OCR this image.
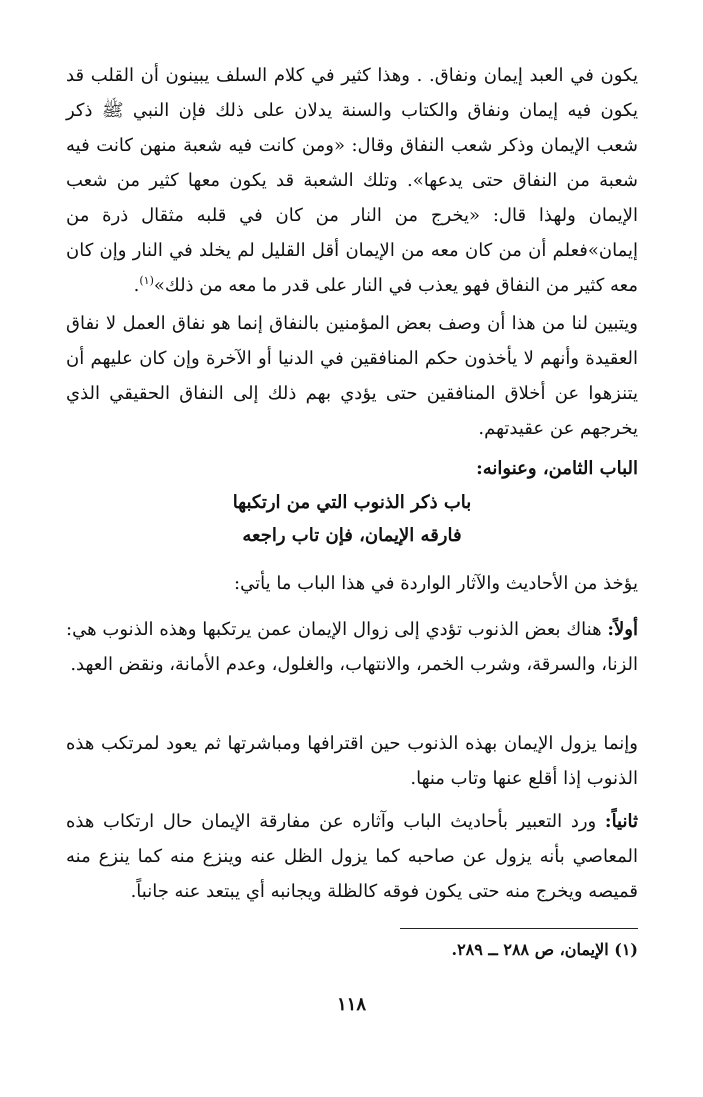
يكون في العبد إيمان ونفاق. . وهذا كثير في كلام السلف يبينون أن القلب قد يكون فيه إيمان ونفاق والكتاب والسنة يدلان على ذلك فإن النبي ﷺ ذكر شعب الإيمان وذكر شعب النفاق وقال: «ومن كانت فيه شعبة منهن كانت فيه شعبة من النفاق حتى يدعها». وتلك الشعبة قد يكون معها كثير من شعب الإيمان ولهذا قال: «يخرج من النار من كان في قلبه مثقال ذرة من إيمان»فعلم أن من كان معه من الإيمان أقل القليل لم يخلد في النار وإن كان معه كثير من النفاق فهو يعذب في النار على قدر ما معه من ذلك»$^{(١)}$.
ويتبين لنا من هذا أن وصف بعض المؤمنين بالنفاق إنما هو نفاق العمل لا نفاق العقيدة وأنهم لا يأخذون حكم المنافقين في الدنيا أو الآخرة وإن كان عليهم أن يتنزهوا عن أخلاق المنافقين حتى يؤدي بهم ذلك إلى النفاق الحقيقي الذي يخرجهم عن عقيدتهم.
الباب الثامن، وعنوانه:
باب ذكر الذنوب التي من ارتكبها
فارقه الإيمان، فإن تاب راجعه
يؤخذ من الأحاديث والآثار الواردة في هذا الباب ما يأتي:
أولاً: هناك بعض الذنوب تؤدي إلى زوال الإيمان عمن يرتكبها وهذه الذنوب هي: الزنا، والسرقة، وشرب الخمر، والانتهاب، والغلول، وعدم الأمانة، ونقض العهد.
وإنما يزول الإيمان بهذه الذنوب حين اقترافها ومباشرتها ثم يعود لمرتكب هذه الذنوب إذا أقلع عنها وتاب منها.
ثانياً: ورد التعبير بأحاديث الباب وآثاره عن مفارقة الإيمان حال ارتكاب هذه المعاصي بأنه يزول عن صاحبه كما يزول الظل عنه وينزع منه كما ينزع منه قميصه ويخرج منه حتى يكون فوقه كالظلة ويجانبه أي يبتعد عنه جانباً.
(١) الإيمان، ص ٢٨٨ ــ ٢٨٩.
١١٨
